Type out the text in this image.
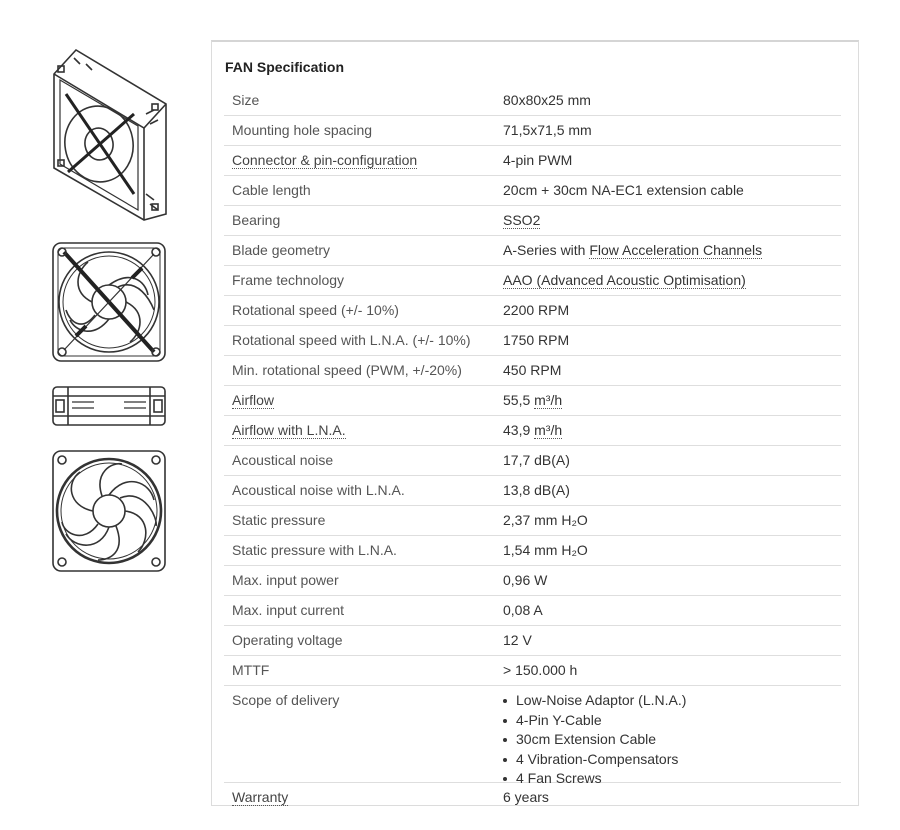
FAN Specification
Size	80x80x25 mm
Mounting hole spacing	71,5x71,5 mm
Connector & pin-configuration	4-pin PWM
Cable length	20cm + 30cm NA-EC1 extension cable
Bearing	SSO2
Blade geometry	A-Series with Flow Acceleration Channels
Frame technology	AAO (Advanced Acoustic Optimisation)
Rotational speed (+/- 10%)	2200 RPM
Rotational speed with L.N.A. (+/- 10%) 1750 RPM
Min. rotational speed (PWM, +/-20%)	450 RPM
Airflow	55,5 m³/h
Airflow with L.N.A.	43,9 m³/h
Acoustical noise	17,7 dB(A)
Acoustical noise with L.N.A.	13,8 dB(A)
Static pressure	2,37 mm H₂O
Static pressure with L.N.A.	1,54 mm H₂O
Max. input power	0,96 W
Max. input current	0,08 A
Operating voltage	12 V
MTTF	> 150.000 h
Scope of delivery	Low-Noise Adaptor (L.N.A.)
4-Pin Y-Cable
30cm Extension Cable
4 Vibration-Compensators
4 Fan Screws
Warranty	6 years
